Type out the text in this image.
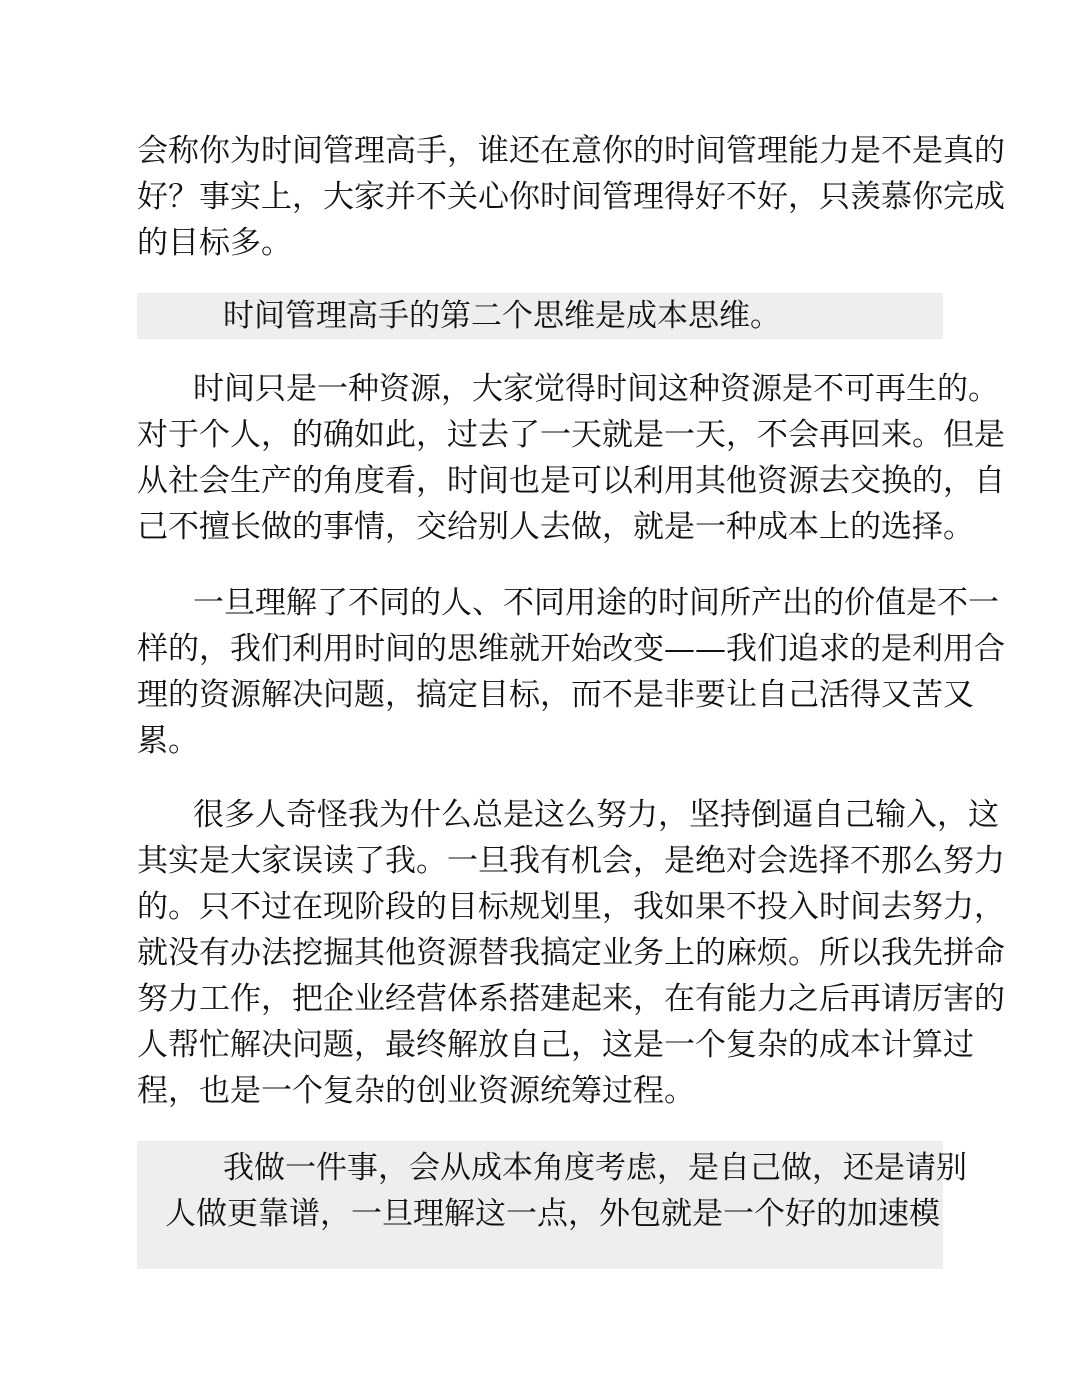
会称你为时间管理高手，谁还在意你的时间管理能力是不是真的
好？事实上，大家并不关心你时间管理得好不好，只羡慕你完成
的目标多。
时间管理高手的第二个思维是成本思维。
时间只是一种资源，大家觉得时间这种资源是不可再生的。
对于个人，的确如此，过去了一天就是一天，不会再回来。但是
从社会生产的角度看，时间也是可以利用其他资源去交换的，自
己不擅长做的事情，交给别人去做，就是一种成本上的选择。
一旦理解了不同的人、不同用途的时间所产出的价值是不一
样的，我们利用时间的思维就开始改变——我们追求的是利用合
理的资源解决问题，搞定目标，而不是非要让自己活得又苦又
累。
很多人奇怪我为什么总是这么努力，坚持倒逼自己输入，这
其实是大家误读了我。一旦我有机会，是绝对会选择不那么努力
的。只不过在现阶段的目标规划里，我如果不投入时间去努力，
就没有办法挖掘其他资源替我搞定业务上的麻烦。所以我先拼命
努力工作，把企业经营体系搭建起来，在有能力之后再请厉害的
人帮忙解决问题，最终解放自己，这是一个复杂的成本计算过
程，也是一个复杂的创业资源统筹过程。
我做一件事，会从成本角度考虑，是自己做，还是请别
人做更靠谱，一旦理解这一点，外包就是一个好的加速模
